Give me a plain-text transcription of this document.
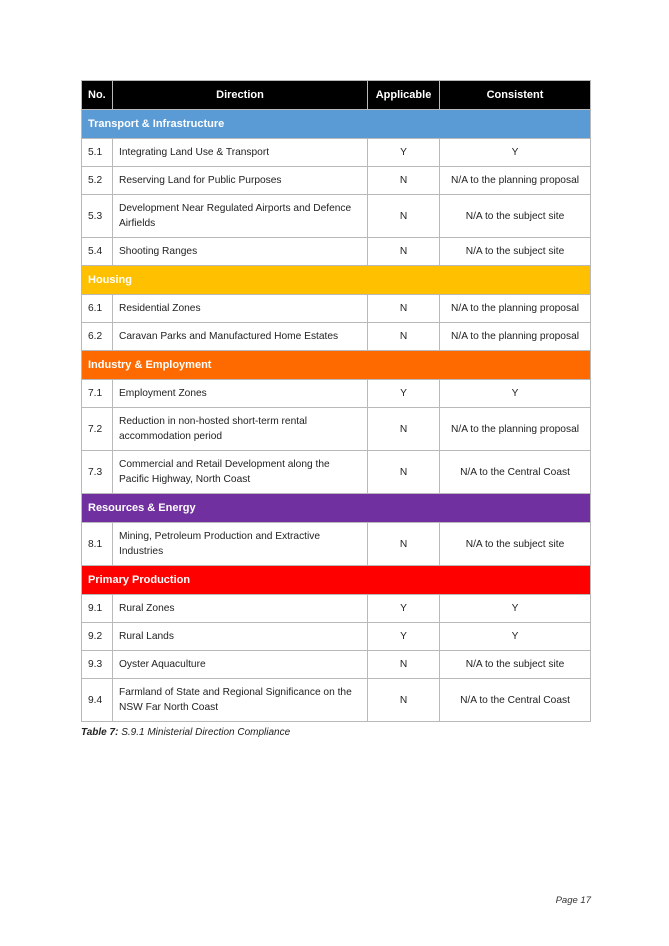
No.	Direction	Applicable	Consistent
Transport & Infrastructure			
5.1	Integrating Land Use & Transport	Y	Y
5.2	Reserving Land for Public Purposes	N	N/A to the planning proposal
5.3	Development Near Regulated Airports and Defence Airfields	N	N/A to the subject site
5.4	Shooting Ranges	N	N/A to the subject site
Housing			
6.1	Residential Zones	N	N/A to the planning proposal
6.2	Caravan Parks and Manufactured Home Estates	N	N/A to the planning proposal
Industry & Employment			
7.1	Employment Zones	Y	Y
7.2	Reduction in non-hosted short-term rental accommodation period	N	N/A to the planning proposal
7.3	Commercial and Retail Development along the Pacific Highway, North Coast	N	N/A to the Central Coast
Resources & Energy			
8.1	Mining, Petroleum Production and Extractive Industries	N	N/A to the subject site
Primary Production			
9.1	Rural Zones	Y	Y
9.2	Rural Lands	Y	Y
9.3	Oyster Aquaculture	N	N/A to the subject site
9.4	Farmland of State and Regional Significance on the NSW Far North Coast	N	N/A to the Central Coast
Table 7: S.9.1 Ministerial Direction Compliance
Page 17
